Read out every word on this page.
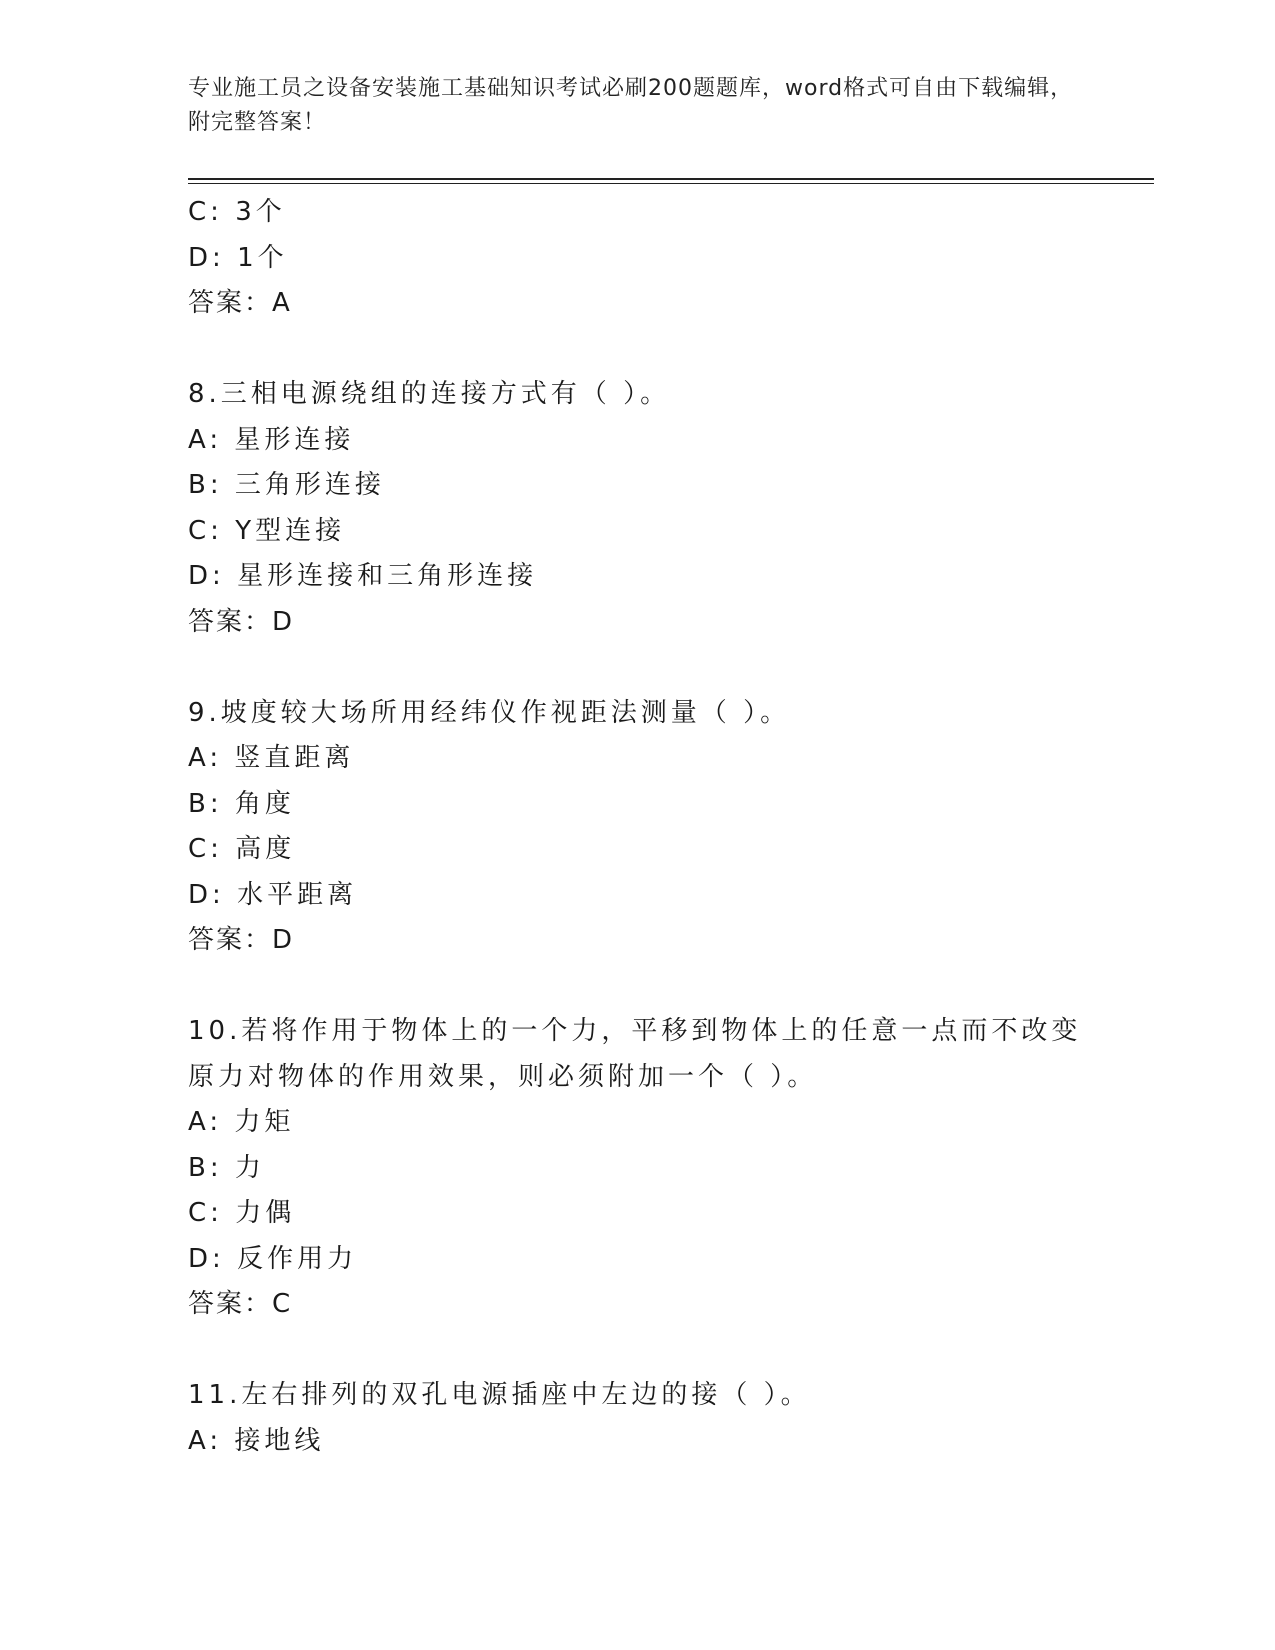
专业施工员之设备安装施工基础知识考试必刷200题题库，word格式可自由下载编辑，附完整答案！
C: 3个
D: 1个
答案：A
8.三相电源绕组的连接方式有（ ）。
A: 星形连接
B: 三角形连接
C: Y型连接
D: 星形连接和三角形连接
答案：D
9.坡度较大场所用经纬仪作视距法测量（ ）。
A: 竖直距离
B: 角度
C: 高度
D: 水平距离
答案：D
10.若将作用于物体上的一个力，平移到物体上的任意一点而不改变原力对物体的作用效果，则必须附加一个（ ）。
A: 力矩
B: 力
C: 力偶
D: 反作用力
答案：C
11.左右排列的双孔电源插座中左边的接（ ）。
A: 接地线
